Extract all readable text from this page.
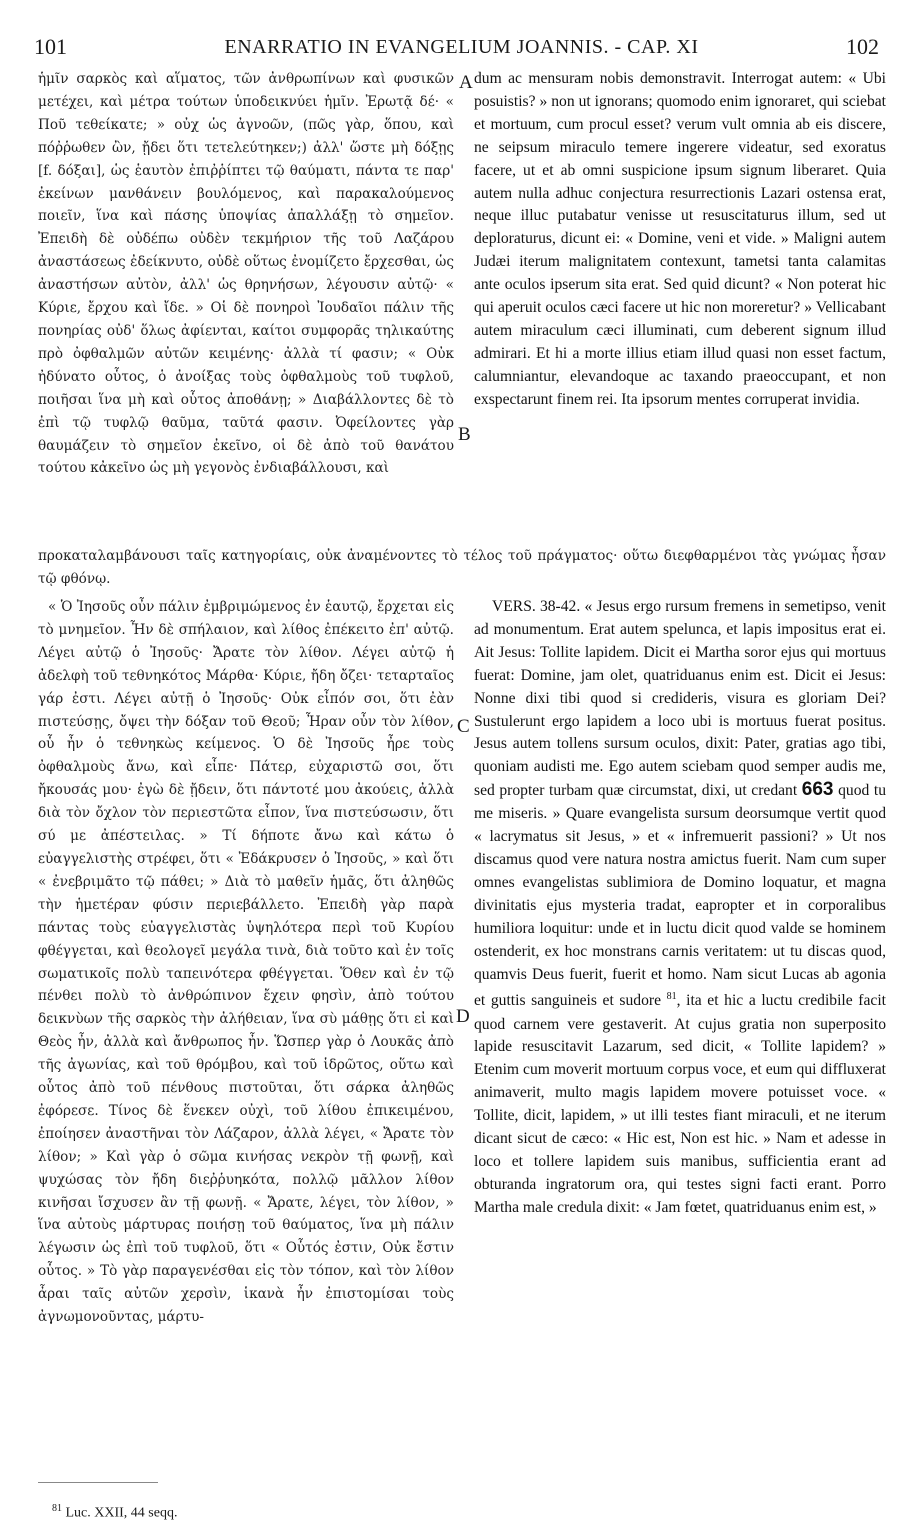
101	ENARRATIO IN EVANGELIUM JOANNIS. - CAP. XI	102

ἡμῖν σαρκὸς καὶ αἵματος, τῶν ἀνθρωπίνων καὶ φυσικῶν μετέχει, καὶ μέτρα τούτων ὑποδεικνύει ἡμῖν. Ἐρωτᾷ δέ· « Ποῦ τεθείκατε; » οὐχ ὡς ἀγνοῶν, (πῶς γὰρ, ὅπου, καὶ πόῤῥωθεν ὢν, ᾔδει ὅτι τετελεύτηκεν;) ἀλλ' ὥστε μὴ δόξῃς [f. δόξαι], ὡς ἑαυτὸν ἐπιῤῥίπτει τῷ θαύματι, πάντα τε παρ' ἐκείνων μανθάνειν βουλόμενος, καὶ παρακαλούμενος ποιεῖν, ἵνα καὶ πάσης ὑποψίας ἀπαλλάξῃ τὸ σημεῖον. Ἐπειδὴ δὲ οὐδέπω οὐδὲν τεκμήριον τῆς τοῦ Λαζάρου ἀναστάσεως ἐδείκνυτο, οὐδὲ οὕτως ἐνομίζετο ἔρχεσθαι, ὡς ἀναστήσων αὐτὸν, ἀλλ' ὡς θρηνήσων, λέγουσιν αὐτῷ· « Κύριε, ἔρχου καὶ ἴδε. » Οἱ δὲ πονηροὶ Ἰουδαῖοι πάλιν τῆς πονηρίας οὐδ' ὅλως ἀφίενται, καίτοι συμφορᾶς τηλικαύτης πρὸ ὀφθαλμῶν αὐτῶν κειμένης· ἀλλὰ τί φασιν; « Οὐκ ἠδύνατο οὗτος, ὁ ἀνοίξας τοὺς ὀφθαλμοὺς τοῦ τυφλοῦ, ποιῆσαι ἵνα μὴ καὶ οὗτος ἀποθάνῃ; » Διαβάλλοντες δὲ τὸ ἐπὶ τῷ τυφλῷ θαῦμα, ταῦτά φασιν. Ὀφείλοντες γὰρ θαυμάζειν τὸ σημεῖον ἐκεῖνο, οἱ δὲ ἀπὸ τοῦ θανάτου τούτου κἀκεῖνο ὡς μὴ γεγονὸς ἐνδιαβάλλουσι, καὶ

dum ac mensuram nobis demonstravit. Interrogat autem: « Ubi posuistis? » non ut ignorans; quomodo enim ignoraret, qui sciebat et mortuum, cum procul esset? verum vult omnia ab eis discere, ne seipsum miraculo temere ingerere videatur, sed exoratus facere, ut et ab omni suspicione ipsum signum liberaret. Quia autem nulla adhuc conjectura resurrectionis Lazari ostensa erat, neque illuc putabatur venisse ut resuscitaturus illum, sed ut deploraturus, dicunt ei: « Domine, veni et vide. » Maligni autem Judæi iterum malignitatem contexunt, tametsi tanta calamitas ante oculos ipserum sita erat. Sed quid dicunt? « Non poterat hic qui aperuit oculos cæci facere ut hic non moreretur? » Vellicabant autem miraculum cæci illuminati, cum deberent signum illud admirari. Et hi a morte illius etiam illud quasi non esset factum, calumniantur, elevandoque ac taxando praeoccupant, et non exspectarunt finem rei. Ita ipsorum mentes corruperat invidia.

A
B
C
D

προκαταλαμβάνουσι ταῖς κατηγορίαις, οὐκ ἀναμένοντες τὸ τέλος τοῦ πράγματος· οὕτω διεφθαρμένοι τὰς γνώμας ἦσαν τῷ φθόνῳ.

« Ὁ Ἰησοῦς οὖν πάλιν ἐμβριμώμενος ἐν ἑαυτῷ, ἔρχεται εἰς τὸ μνημεῖον. Ἦν δὲ σπήλαιον, καὶ λίθος ἐπέκειτο ἐπ' αὐτῷ. Λέγει αὐτῷ ὁ Ἰησοῦς· Ἄρατε τὸν λίθον. Λέγει αὐτῷ ἡ ἀδελφὴ τοῦ τεθνηκότος Μάρθα· Κύριε, ἤδη ὄζει· τεταρταῖος γάρ ἐστι. Λέγει αὐτῇ ὁ Ἰησοῦς· Οὐκ εἶπόν σοι, ὅτι ἐὰν πιστεύσῃς, ὄψει τὴν δόξαν τοῦ Θεοῦ; Ἦραν οὖν τὸν λίθον, οὗ ἦν ὁ τεθνηκὼς κείμενος. Ὁ δὲ Ἰησοῦς ἦρε τοὺς ὀφθαλμοὺς ἄνω, καὶ εἶπε· Πάτερ, εὐχαριστῶ σοι, ὅτι ἤκουσάς μου· ἐγὼ δὲ ᾔδειν, ὅτι πάντοτέ μου ἀκούεις, ἀλλὰ διὰ τὸν ὄχλον τὸν περιεστῶτα εἶπον, ἵνα πιστεύσωσιν, ὅτι σύ με ἀπέστειλας. » Τί δήποτε ἄνω καὶ κάτω ὁ εὐαγγελιστὴς στρέφει, ὅτι « Ἐδάκρυσεν ὁ Ἰησοῦς, » καὶ ὅτι « ἐνεβριμᾶτο τῷ πάθει; » Διὰ τὸ μαθεῖν ἡμᾶς, ὅτι ἀληθῶς τὴν ἡμετέραν φύσιν περιεβάλλετο. Ἐπειδὴ γὰρ παρὰ πάντας τοὺς εὐαγγελιστὰς ὑψηλότερα περὶ τοῦ Κυρίου φθέγγεται, καὶ θεολογεῖ μεγάλα τινὰ, διὰ τοῦτο καὶ ἐν τοῖς σωματικοῖς πολὺ ταπεινότερα φθέγγεται. Ὅθεν καὶ ἐν τῷ πένθει πολὺ τὸ ἀνθρώπινον ἔχειν φησὶν, ἀπὸ τούτου δεικνὺων τῆς σαρκὸς τὴν ἀλήθειαν, ἵνα σὺ μάθῃς ὅτι εἰ καὶ Θεὸς ἦν, ἀλλὰ καὶ ἄνθρωπος ἦν. Ὥσπερ γὰρ ὁ Λουκᾶς ἀπὸ τῆς ἀγωνίας, καὶ τοῦ θρόμβου, καὶ τοῦ ἱδρῶτος, οὕτω καὶ οὗτος ἀπὸ τοῦ πένθους πιστοῦται, ὅτι σάρκα ἀληθῶς ἐφόρεσε. Τίνος δὲ ἕνεκεν οὐχὶ, τοῦ λίθου ἐπικειμένου, ἐποίησεν ἀναστῆναι τὸν Λάζαρον, ἀλλὰ λέγει, « Ἄρατε τὸν λίθον; » Καὶ γὰρ ὁ σῶμα κινήσας νεκρὸν τῇ φωνῇ, καὶ ψυχώσας τὸν ἤδη διεῤῥυηκότα, πολλῷ μᾶλλον λίθον κινῆσαι ἴσχυσεν ἂν τῇ φωνῇ. « Ἄρατε, λέγει, τὸν λίθον, » ἵνα αὐτοὺς μάρτυρας ποιήσῃ τοῦ θαύματος, ἵνα μὴ πάλιν λέγωσιν ὡς ἐπὶ τοῦ τυφλοῦ, ὅτι « Οὗτός ἐστιν, Οὐκ ἔστιν οὗτος. » Τὸ γὰρ παραγενέσθαι εἰς τὸν τόπον, καὶ τὸν λίθον ἆραι ταῖς αὐτῶν χερσὶν, ἱκανὰ ἦν ἐπιστομίσαι τοὺς ἀγνωμονοῦντας, μάρτυ-

VERS. 38-42. « Jesus ergo rursum fremens in semetipso, venit ad monumentum. Erat autem spelunca, et lapis impositus erat ei. Ait Jesus: Tollite lapidem. Dicit ei Martha soror ejus qui mortuus fuerat: Domine, jam olet, quatriduanus enim est. Dicit ei Jesus: Nonne dixi tibi quod si credideris, visura es gloriam Dei? Sustulerunt ergo lapidem a loco ubi is mortuus fuerat positus. Jesus autem tollens sursum oculos, dixit: Pater, gratias ago tibi, quoniam audisti me. Ego autem sciebam quod semper audis me, sed propter turbam quæ circumstat, dixi, ut credant 663 quod tu me miseris. » Quare evangelista sursum deorsumque vertit quod « lacrymatus sit Jesus, » et « infremuerit passioni? » Ut nos discamus quod vere natura nostra amictus fuerit. Nam cum super omnes evangelistas sublimiora de Domino loquatur, et magna divinitatis ejus mysteria tradat, eapropter et in corporalibus humiliora loquitur: unde et in luctu dicit quod valde se hominem ostenderit, ex hoc monstrans carnis veritatem: ut tu discas quod, quamvis Deus fuerit, fuerit et homo. Nam sicut Lucas ab agonia et guttis sanguineis et sudore $^{81}$, ita et hic a luctu credibile facit quod carnem vere gestaverit. At cujus gratia non superposito lapide resuscitavit Lazarum, sed dicit, « Tollite lapidem? » Etenim cum moverit mortuum corpus voce, et eum qui diffluxerat animaverit, multo magis lapidem movere potuisset voce. « Tollite, dicit, lapidem, » ut illi testes fiant miraculi, et ne iterum dicant sicut de cæco: « Hic est, Non est hic. » Nam et adesse in loco et tollere lapidem suis manibus, sufficientia erant ad obturanda ingratorum ora, qui testes signi facti erant. Porro Martha male credula dixit: « Jam fœtet, quatriduanus enim est, »

$^{81}$ Luc. XXII, 44 seqq.
